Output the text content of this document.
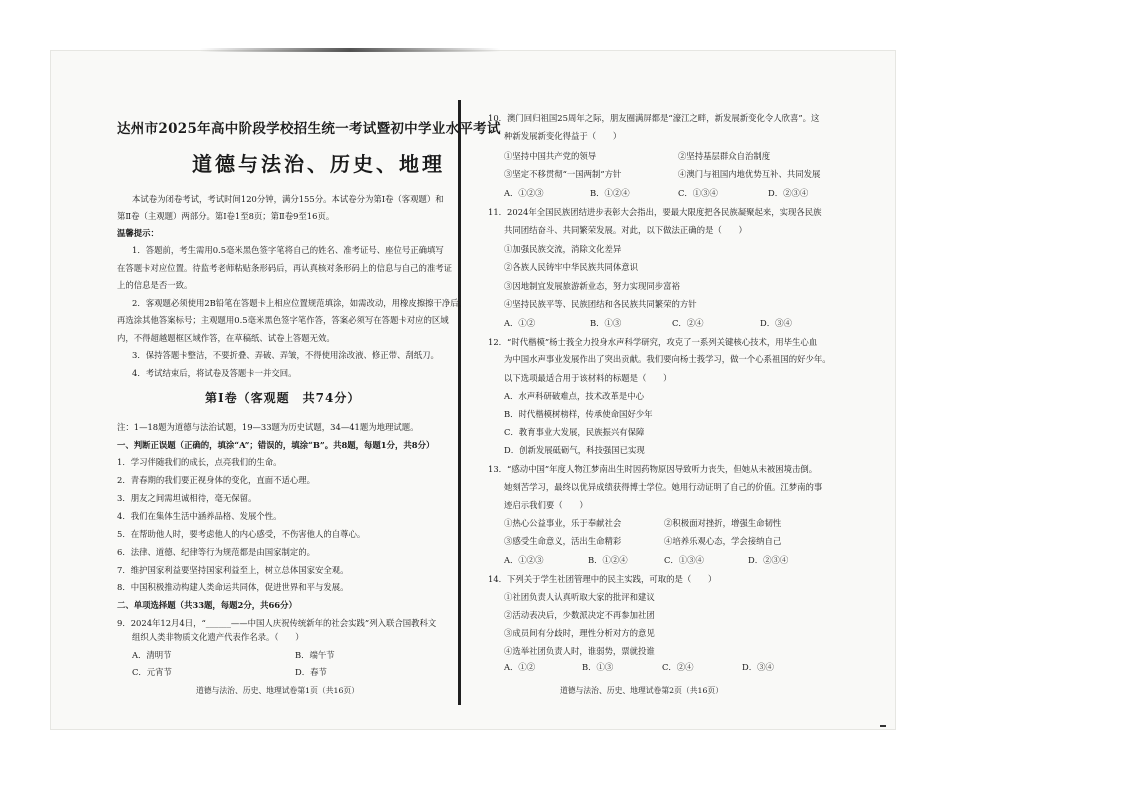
达州市2025年高中阶段学校招生统一考试暨初中学业水平考试
道德与法治、历史、地理
本试卷为闭卷考试，考试时间120分钟，满分155分。本试卷分为第Ⅰ卷（客观题）和
第Ⅱ卷（主观题）两部分。第Ⅰ卷1至8页；第Ⅱ卷9至16页。
温馨提示：
1．答题前，考生需用0.5毫米黑色签字笔将自己的姓名、准考证号、座位号正确填写
在答题卡对应位置。待监考老师粘贴条形码后，再认真核对条形码上的信息与自己的准考证
上的信息是否一致。
2．客观题必须使用2B铅笔在答题卡上相应位置规范填涂，如需改动，用橡皮擦擦干净后，
再选涂其他答案标号；主观题用0.5毫米黑色签字笔作答，答案必须写在答题卡对应的区域
内，不得超越题框区域作答，在草稿纸、试卷上答题无效。
3．保持答题卡整洁，不要折叠、弄破、弄皱，不得使用涂改液、修正带、刮纸刀。
4．考试结束后，将试卷及答题卡一并交回。
第Ⅰ卷（客观题　共74分）
注：1—18题为道德与法治试题，19—33题为历史试题，34—41题为地理试题。
一、判断正误题（正确的，填涂“A”；错误的，填涂“B”。共8题，每题1分，共8分）
1．学习伴随我们的成长，点亮我们的生命。
2．青春期的我们要正视身体的变化，直面不适心理。
3．朋友之间需坦诚相待，毫无保留。
4．我们在集体生活中涵养品格、发展个性。
5．在帮助他人时，要考虑他人的内心感受，不伤害他人的自尊心。
6．法律、道德、纪律等行为规范都是由国家制定的。
7．维护国家利益要坚持国家利益至上，树立总体国家安全观。
8．中国积极推动构建人类命运共同体，促进世界和平与发展。
二、单项选择题（共33题，每题2分，共66分）
9．2024年12月4日，“______——中国人庆祝传统新年的社会实践”列入联合国教科文
组织人类非物质文化遗产代表作名录。（　　）
A．清明节	B．端午节
C．元宵节	D．春节
道德与法治、历史、地理试卷第1页（共16页）
10．澳门回归祖国25周年之际，朋友圈满屏都是“濠江之畔，新发展新变化令人欣喜”。这
种新发展新变化得益于（　　）
①坚持中国共产党的领导	②坚持基层群众自治制度
③坚定不移贯彻“一国两制”方针	④澳门与祖国内地优势互补、共同发展
A．①②③	B．①②④	C．①③④	D．②③④
11．2024年全国民族团结进步表彰大会指出，要最大限度把各民族凝聚起来，实现各民族
共同团结奋斗、共同繁荣发展。对此，以下做法正确的是（　　）
①加强民族交流，消除文化差异
②各族人民铸牢中华民族共同体意识
③因地制宜发展旅游新业态，努力实现同步富裕
④坚持民族平等、民族团结和各民族共同繁荣的方针
A．①②	B．①③	C．②④	D．③④
12．“时代楷模”杨士莪全力投身水声科学研究，攻克了一系列关键核心技术，用毕生心血
为中国水声事业发展作出了突出贡献。我们要向杨士莪学习，做一个心系祖国的好少年。
以下选项最适合用于该材料的标题是（　　）
A．水声科研破难点，技术改革是中心
B．时代楷模树榜样，传承使命国好少年
C．教育事业大发展，民族振兴有保障
D．创新发展砥砺气，科技强国已实现
13．“感动中国”年度人物江梦南出生时因药物原因导致听力丧失，但她从未被困境击倒。
她刻苦学习，最终以优异成绩获得博士学位。她用行动证明了自己的价值。江梦南的事
迹启示我们要（　　）
①热心公益事业，乐于奉献社会	②积极面对挫折，增强生命韧性
③感受生命意义，活出生命精彩	④培养乐观心态，学会接纳自己
A．①②③	B．①②④	C．①③④	D．②③④
14．下列关于学生社团管理中的民主实践，可取的是（　　）
①社团负责人认真听取大家的批评和建议
②活动表决后，少数派决定不再参加社团
③成员间有分歧时，理性分析对方的意见
④选举社团负责人时，谁弱势，票就投谁
A．①②	B．①③	C．②④	D．③④
道德与法治、历史、地理试卷第2页（共16页）
